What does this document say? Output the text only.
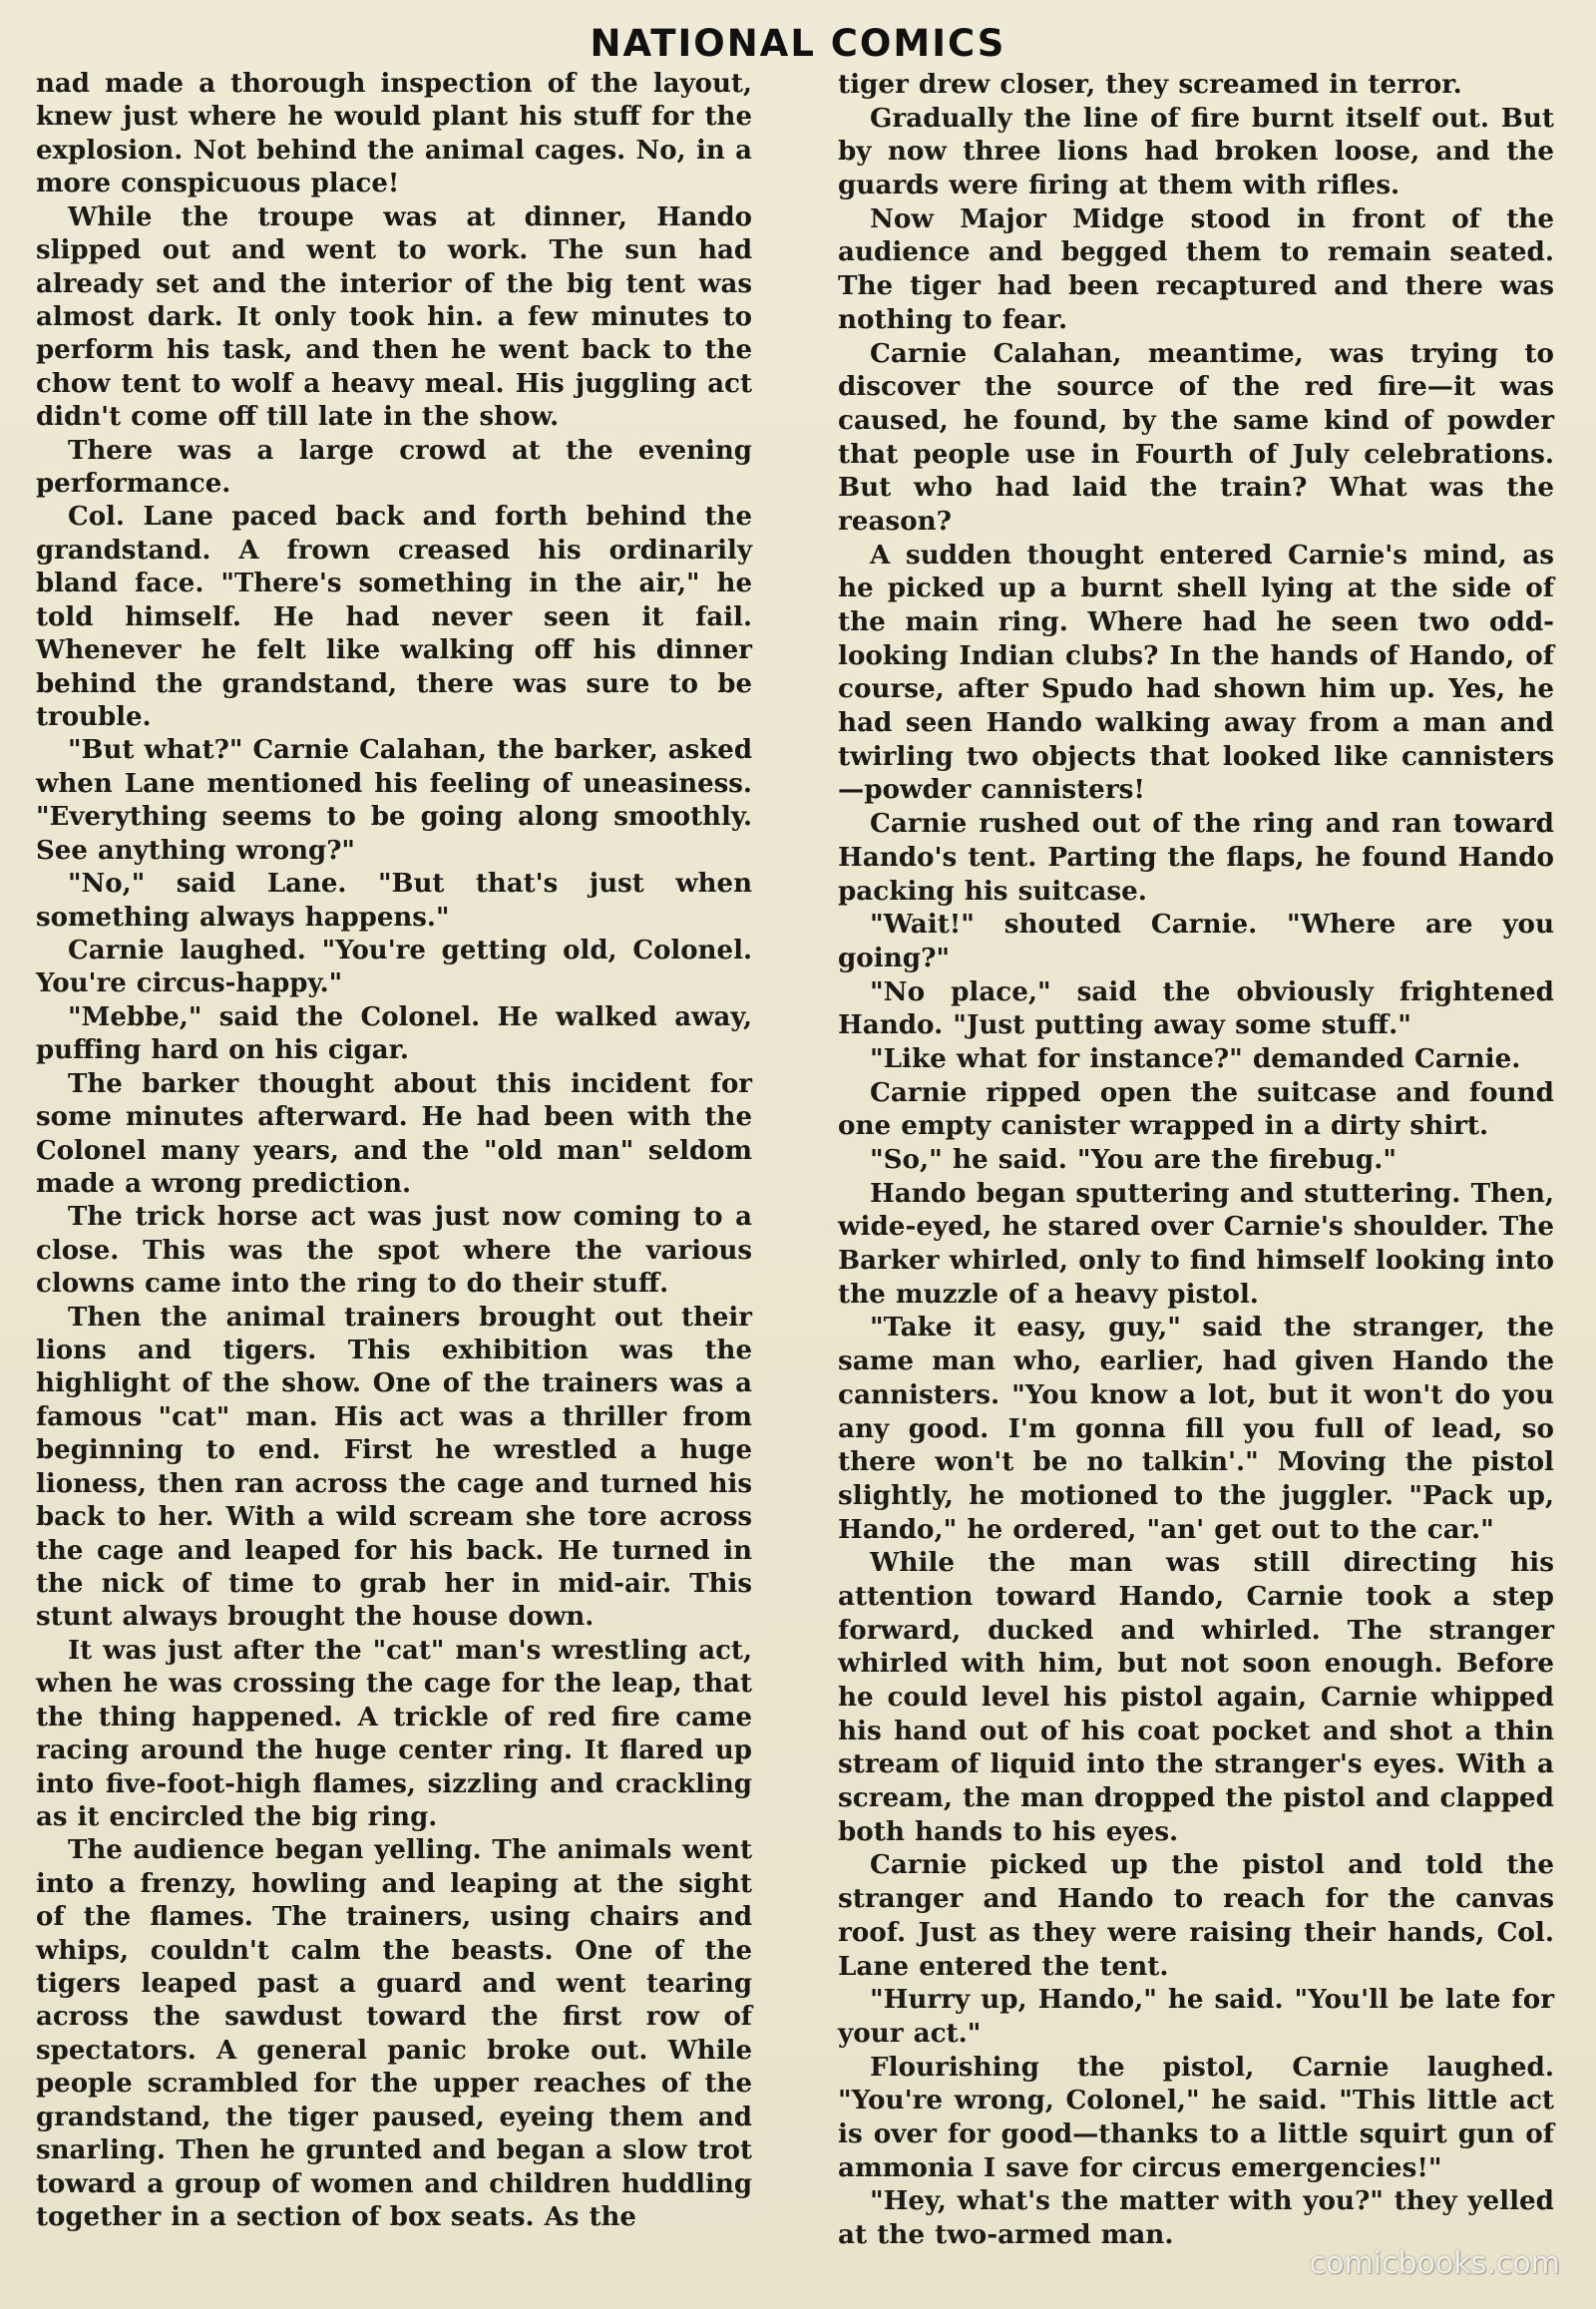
NATIONAL COMICS

nad made a thorough inspection of the layout, knew just where he would plant his stuff for the explosion. Not behind the animal cages. No, in a more conspicuous place!

While the troupe was at dinner, Hando slipped out and went to work. The sun had already set and the interior of the big tent was almost dark. It only took hin. a few minutes to perform his task, and then he went back to the chow tent to wolf a heavy meal. His juggling act didn't come off till late in the show.

There was a large crowd at the evening performance.

Col. Lane paced back and forth behind the grandstand. A frown creased his ordinarily bland face. "There's something in the air," he told himself. He had never seen it fail. Whenever he felt like walking off his dinner behind the grandstand, there was sure to be trouble.

"But what?" Carnie Calahan, the barker, asked when Lane mentioned his feeling of uneasiness. "Everything seems to be going along smoothly. See anything wrong?"

"No," said Lane. "But that's just when something always happens."

Carnie laughed. "You're getting old, Colonel. You're circus-happy."

"Mebbe," said the Colonel. He walked away, puffing hard on his cigar.

The barker thought about this incident for some minutes afterward. He had been with the Colonel many years, and the "old man" seldom made a wrong prediction.

The trick horse act was just now coming to a close. This was the spot where the various clowns came into the ring to do their stuff.

Then the animal trainers brought out their lions and tigers. This exhibition was the highlight of the show. One of the trainers was a famous "cat" man. His act was a thriller from beginning to end. First he wrestled a huge lioness, then ran across the cage and turned his back to her. With a wild scream she tore across the cage and leaped for his back. He turned in the nick of time to grab her in mid-air. This stunt always brought the house down.

It was just after the "cat" man's wrestling act, when he was crossing the cage for the leap, that the thing happened. A trickle of red fire came racing around the huge center ring. It flared up into five-foot-high flames, sizzling and crackling as it encircled the big ring.

The audience began yelling. The animals went into a frenzy, howling and leaping at the sight of the flames. The trainers, using chairs and whips, couldn't calm the beasts. One of the tigers leaped past a guard and went tearing across the sawdust toward the first row of spectators. A general panic broke out. While people scrambled for the upper reaches of the grandstand, the tiger paused, eyeing them and snarling. Then he grunted and began a slow trot toward a group of women and children huddling together in a section of box seats. As the

tiger drew closer, they screamed in terror.

Gradually the line of fire burnt itself out. But by now three lions had broken loose, and the guards were firing at them with rifles.

Now Major Midge stood in front of the audience and begged them to remain seated. The tiger had been recaptured and there was nothing to fear.

Carnie Calahan, meantime, was trying to discover the source of the red fire—it was caused, he found, by the same kind of powder that people use in Fourth of July celebrations. But who had laid the train? What was the reason?

A sudden thought entered Carnie's mind, as he picked up a burnt shell lying at the side of the main ring. Where had he seen two odd-looking Indian clubs? In the hands of Hando, of course, after Spudo had shown him up. Yes, he had seen Hando walking away from a man and twirling two objects that looked like cannisters—powder cannisters!

Carnie rushed out of the ring and ran toward Hando's tent. Parting the flaps, he found Hando packing his suitcase.

"Wait!" shouted Carnie. "Where are you going?"

"No place," said the obviously frightened Hando. "Just putting away some stuff."

"Like what for instance?" demanded Carnie.

Carnie ripped open the suitcase and found one empty canister wrapped in a dirty shirt.

"So," he said. "You are the firebug."

Hando began sputtering and stuttering. Then, wide-eyed, he stared over Carnie's shoulder. The Barker whirled, only to find himself looking into the muzzle of a heavy pistol.

"Take it easy, guy," said the stranger, the same man who, earlier, had given Hando the cannisters. "You know a lot, but it won't do you any good. I'm gonna fill you full of lead, so there won't be no talkin'." Moving the pistol slightly, he motioned to the juggler. "Pack up, Hando," he ordered, "an' get out to the car."

While the man was still directing his attention toward Hando, Carnie took a step forward, ducked and whirled. The stranger whirled with him, but not soon enough. Before he could level his pistol again, Carnie whipped his hand out of his coat pocket and shot a thin stream of liquid into the stranger's eyes. With a scream, the man dropped the pistol and clapped both hands to his eyes.

Carnie picked up the pistol and told the stranger and Hando to reach for the canvas roof. Just as they were raising their hands, Col. Lane entered the tent.

"Hurry up, Hando," he said. "You'll be late for your act."

Flourishing the pistol, Carnie laughed. "You're wrong, Colonel," he said. "This little act is over for good—thanks to a little squirt gun of ammonia I save for circus emergencies!"

"Hey, what's the matter with you?" they yelled at the two-armed man.

comicbooks.com
